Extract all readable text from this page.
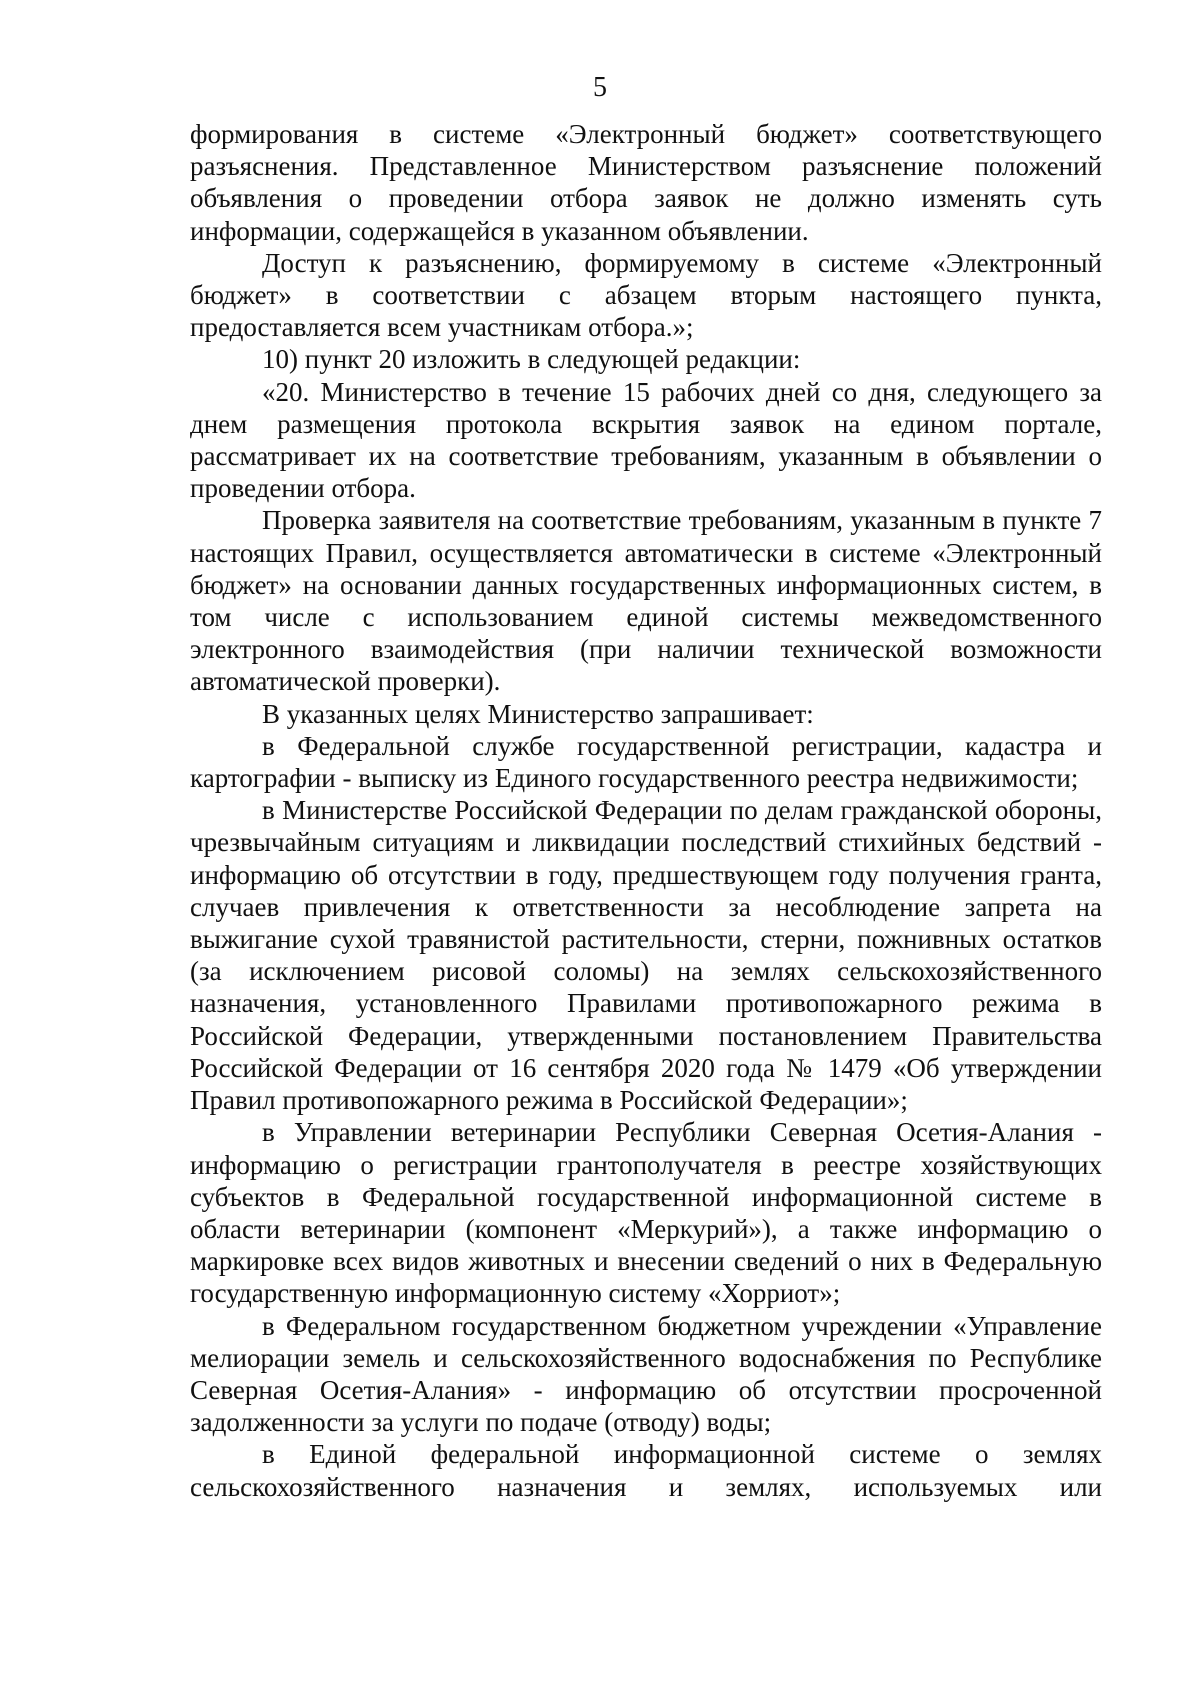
5

формирования в системе «Электронный бюджет» соответствующего разъяснения. Представленное Министерством разъяснение положений объявления о проведении отбора заявок не должно изменять суть информации, содержащейся в указанном объявлении.

Доступ к разъяснению, формируемому в системе «Электронный бюджет» в соответствии с абзацем вторым настоящего пункта, предоставляется всем участникам отбора.»;

10) пункт 20 изложить в следующей редакции:

«20. Министерство в течение 15 рабочих дней со дня, следующего за днем размещения протокола вскрытия заявок на едином портале, рассматривает их на соответствие требованиям, указанным в объявлении о проведении отбора.

Проверка заявителя на соответствие требованиям, указанным в пункте 7 настоящих Правил, осуществляется автоматически в системе «Электронный бюджет» на основании данных государственных информационных систем, в том числе с использованием единой системы межведомственного электронного взаимодействия (при наличии технической возможности автоматической проверки).

В указанных целях Министерство запрашивает:

в Федеральной службе государственной регистрации, кадастра и картографии - выписку из Единого государственного реестра недвижимости;

в Министерстве Российской Федерации по делам гражданской обороны, чрезвычайным ситуациям и ликвидации последствий стихийных бедствий - информацию об отсутствии в году, предшествующем году получения гранта, случаев привлечения к ответственности за несоблюдение запрета на выжигание сухой травянистой растительности, стерни, пожнивных остатков (за исключением рисовой соломы) на землях сельскохозяйственного назначения, установленного Правилами противопожарного режима в Российской Федерации, утвержденными постановлением Правительства Российской Федерации от 16 сентября 2020 года № 1479 «Об утверждении Правил противопожарного режима в Российской Федерации»;

в Управлении ветеринарии Республики Северная Осетия-Алания - информацию о регистрации грантополучателя в реестре хозяйствующих субъектов в Федеральной государственной информационной системе в области ветеринарии (компонент «Меркурий»), а также информацию о маркировке всех видов животных и внесении сведений о них в Федеральную государственную информационную систему «Хорриот»;

в Федеральном государственном бюджетном учреждении «Управление мелиорации земель и сельскохозяйственного водоснабжения по Республике Северная Осетия-Алания» - информацию об отсутствии просроченной задолженности за услуги по подаче (отводу) воды;

в Единой федеральной информационной системе о землях сельскохозяйственного назначения и землях, используемых или
